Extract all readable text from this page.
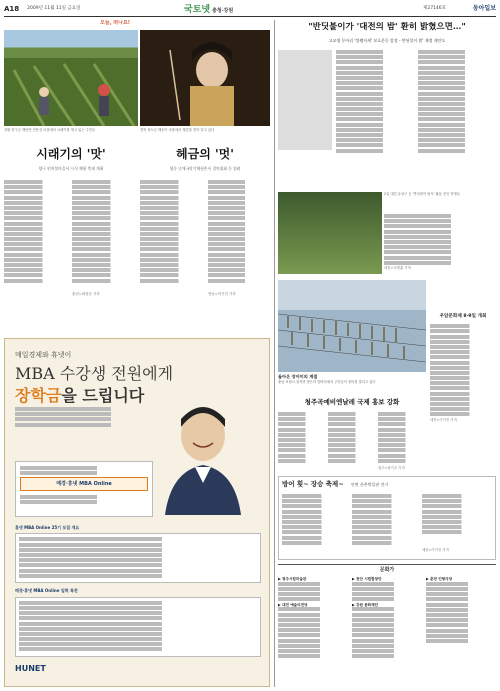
A18 2009년 11월 11일 금요일	국토넷 충청·강원	제27146호	동아일보
오늘, 떠나요!
강원 양구군 해안면 민통선 마을에서 시래기를 엮고 있는 주민들	경북 청도군 해돋이 마을에서 햇감을 깎아 널고 있다
시래기의 '맛'
양구 펀치볼마을서 시식·체험 축제 개최
헤금의 '멋'
영동 난계국악기체험촌서 경연대회 등 열려
춘천=최창순 기자	영동=이기진 기자
"반딧불이가 '대전의 밤' 환히 밝혔으면…"
고교생 동아리 '깡쌤자세' 보호운동 앞장 - 반딧불이 밤' 제정 제안도
2일 대전 유성구 등 '반딧불이 탐사' 활동 중인 학생들
대전=지명훈 기자
돌아온 장어미의 계절
충남 보령시 천북면 장은리 앞바다에서 주민들이 장어를 말리고 있다
우암문화제 8·9일 개최
대전=이기진 기자
청주곡예비엔날레 국제 홍보 강화
청주=장기우 기자
방어 횟~ 장승 축제~ 안면 산촌박물관 전기
예산=이기진 기자
문화가
▶ 청주시립미술관
▶ 대전 예술의전당
▶ 천안 시립합창단
▶ 강원 문화재단
▶ 춘천 인형극장
매일경제와 휴넷이
MBA 수강생 전원에게
장학금을 드립니다
매경·휴넷 MBA Online
휴넷 MBA Online 25기 모집 개요
매경·휴넷 MBA Online 입학 특전
HUNET
